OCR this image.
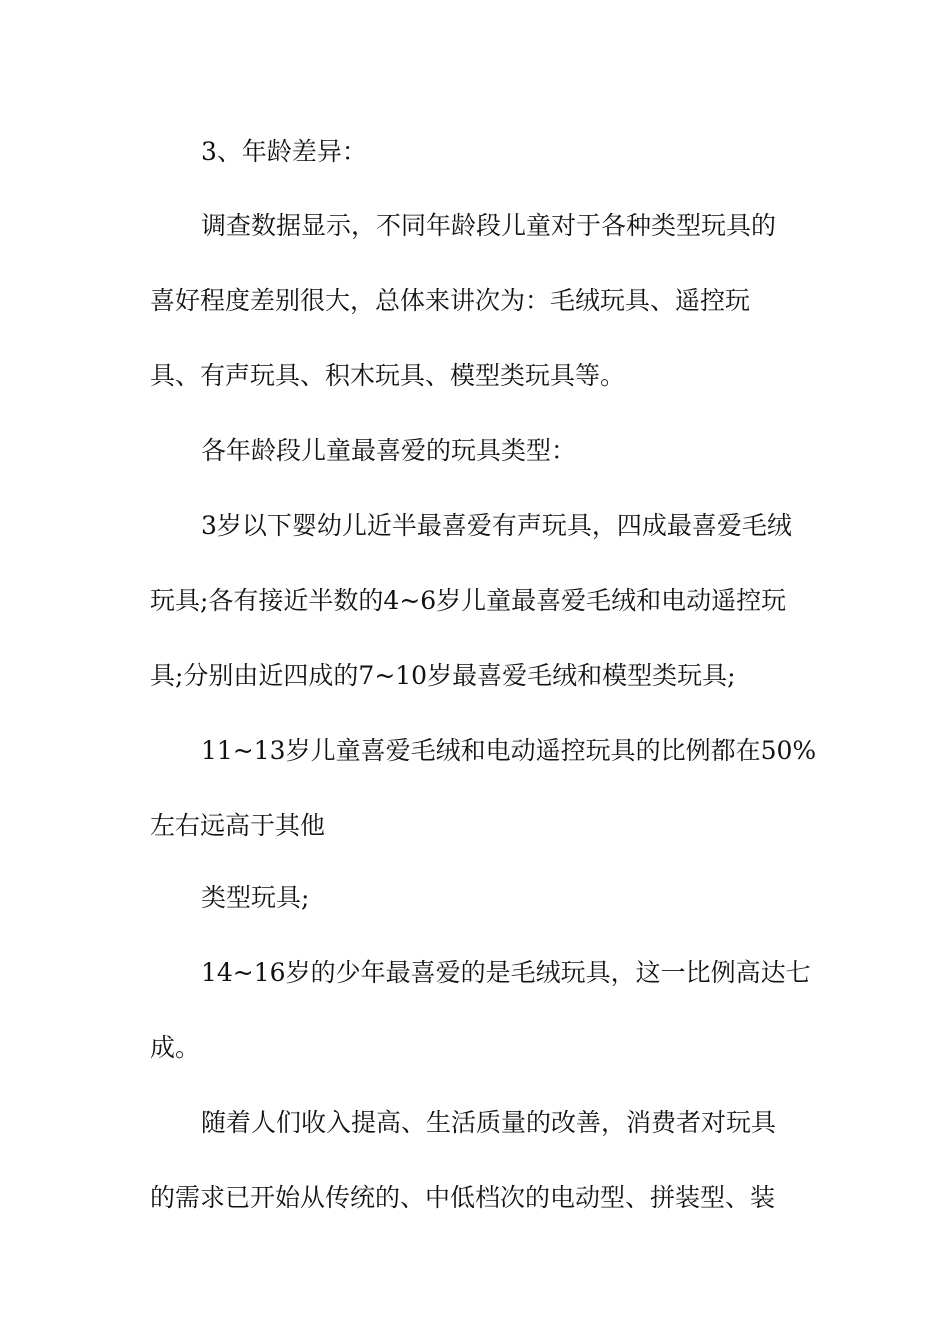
3、年龄差异：
调查数据显示，不同年龄段儿童对于各种类型玩具的
喜好程度差别很大，总体来讲次为：毛绒玩具、遥控玩
具、有声玩具、积木玩具、模型类玩具等。
各年龄段儿童最喜爱的玩具类型：
3岁以下婴幼儿近半最喜爱有声玩具，四成最喜爱毛绒
玩具;各有接近半数的4~6岁儿童最喜爱毛绒和电动遥控玩
具;分别由近四成的7~10岁最喜爱毛绒和模型类玩具;
11~13岁儿童喜爱毛绒和电动遥控玩具的比例都在50%
左右远高于其他
类型玩具;
14~16岁的少年最喜爱的是毛绒玩具，这一比例高达七
成。
随着人们收入提高、生活质量的改善，消费者对玩具
的需求已开始从传统的、中低档次的电动型、拼装型、装
